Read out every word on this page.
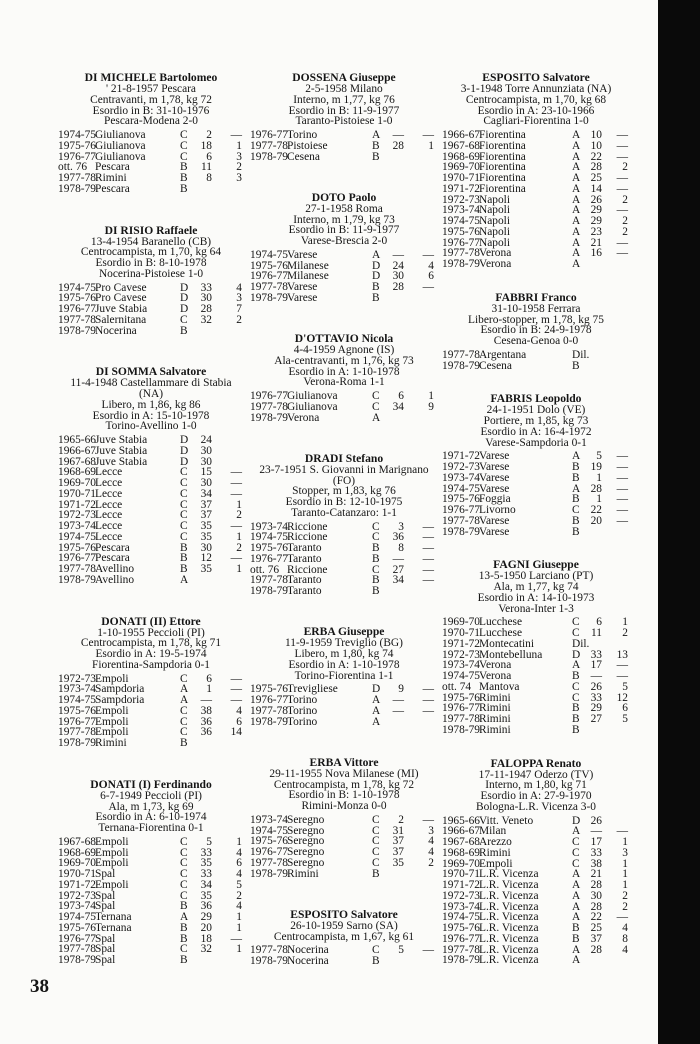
DI MICHELE Bartolomeo
' 21-8-1957 Pescara
Centravanti, m 1,78, kg 72
Esordio in B: 31-10-1976
Pescara-Modena 2-0
1974-75 Giulianova	C	2 —
1975-76 Giulianova	C	18	1
1976-77 Giulianova	C	6	3
ott. 76 Pescara	B	11	2
1977-78 Rimini	B	8	3
1978-79 Pescara	B
DI RISIO Raffaele
13-4-1954 Baranello (CB)
Centrocampista, m 1,70, kg 64
Esordio in B: 8-10-1978
Nocerina-Pistoiese 1-0
1974-75 Pro Cavese	D	33	4
1975-76 Pro Cavese	D	30	3
1976-77 Juve Stabia	D	28	7
1977-78 Salernitana	C	32	2
1978-79 Nocerina	B
DI SOMMA Salvatore
11-4-1948 Castellammare di Stabia (NA)
Libero, m 1,86, kg 86
Esordio in A: 15-10-1978
Torino-Avellino 1-0
1965-66 Juve Stabia	D	24
1966-67 Juve Stabia	D	30
1967-68 Juve Stabia	D	30
1968-69 Lecce	C	15 —
1969-70 Lecce	C	30 —
1970-71 Lecce	C	34 —
1971-72 Lecce	C	37	1
1972-73 Lecce	C	37	2
1973-74 Lecce	C	35 —
1974-75 Lecce	C	35	1
1975-76 Pescara	B	30	2
1976-77 Pescara	B	12 —
1977-78 Avellino	B	35	1
1978-79 Avellino	A
DONATI (II) Ettore
1-10-1955 Peccioli (PI)
Centrocampista, m 1,78, kg 71
Esordio in A: 19-5-1974
Fiorentina-Sampdoria 0-1
1972-73 Empoli	C	6 —
1973-74 Sampdoria	A	1 —
1974-75 Sampdoria	A	— —
1975-76 Empoli	C	38	4
1976-77 Empoli	C	36	6
1977-78 Empoli	C	36 14
1978-79 Rimini	B
DONATI (I) Ferdinando
6-7-1949 Peccioli (PI)
Ala, m 1,73, kg 69
Esordio in A: 6-10-1974
Ternana-Fiorentina 0-1
1967-68 Empoli	C	5	1
1968-69 Empoli	C	33	4
1969-70 Empoli	C	35	6
1970-71 Spal	C	33	4
1971-72 Empoli	C	34	5
1972-73 Spal	C	35	2
1973-74 Spal	B	36	4
1974-75 Ternana	A	29	1
1975-76 Ternana	B	20	1
1976-77 Spal	B	18 —
1977-78 Spal	C	32	1
1978-79 Spal	B
DOSSENA Giuseppe
2-5-1958 Milano
Interno, m 1,77, kg 76
Esordio in B: 11-9-1977
Taranto-Pistoiese 1-0
1976-77 Torino	A	— —
1977-78 Pistoiese	B	28	1
1978-79 Cesena	B
DOTO Paolo
27-1-1958 Roma
Interno, m 1,79, kg 73
Esordio in B: 11-9-1977
Varese-Brescia 2-0
1974-75 Varese	A	— —
1975-76 Milanese	D	24	4
1976-77 Milanese	D	30	6
1977-78 Varese	B	28 —
1978-79 Varese	B
D'OTTAVIO Nicola
4-4-1959 Agnone (IS)
Ala-centravanti, m 1,76, kg 73
Esordio in A: 1-10-1978
Verona-Roma 1-1
1976-77 Giulianova	C	6	1
1977-78 Giulianova	C	34	9
1978-79 Verona	A
DRADI Stefano
23-7-1951 S. Giovanni in Marignano (FO)
Stopper, m 1,83, kg 76
Esordio in B: 12-10-1975
Taranto-Catanzaro: 1-1
1973-74 Riccione	C	3 —
1974-75 Riccione	C	36 —
1975-76 Taranto	B	8 —
1976-77 Taranto	B	— —
ott. 76 Riccione	C	27 —
1977-78 Taranto	B	34 —
1978-79 Taranto	B
ERBA Giuseppe
11-9-1959 Treviglio (BG)
Libero, m 1,80, kg 74
Esordio in A: 1-10-1978
Torino-Fiorentina 1-1
1975-76 Trevigliese	D	9 —
1976-77 Torino	A	— —
1977-78 Torino	A	— —
1978-79 Torino	A
ERBA Vittore
29-11-1955 Nova Milanese (MI)
Centrocampista, m 1,78, kg 72
Esordio in B: 1-10-1978
Rimini-Monza 0-0
1973-74 Seregno	C	2 —
1974-75 Seregno	C	31	3
1975-76 Seregno	C	37	4
1976-77 Seregno	C	37	4
1977-78 Seregno	C	35	2
1978-79 Rimini	B
ESPOSITO Salvatore
26-10-1959 Sarno (SA)
Centrocampista, m 1,67, kg 61
1977-78 Nocerina	C	5 —
1978-79 Nocerina	B
ESPOSITO Salvatore
3-1-1948 Torre Annunziata (NA)
Centrocampista, m 1,70, kg 68
Esordio in A: 23-10-1966
Cagliari-Fiorentina 1-0
1966-67 Fiorentina	A 10 —
1967-68 Fiorentina	A 10 —
1968-69 Fiorentina	A 22 —
1969-70 Fiorentina	A 28	2
1970-71 Fiorentina	A 25 —
1971-72 Fiorentina	A 14 —
1972-73 Napoli	A 26	2
1973-74 Napoli	A 29 —
1974-75 Napoli	A 29	2
1975-76 Napoli	A 23	2
1976-77 Napoli	A 21 —
1977-78 Verona	A 16 —
1978-79 Verona	A
FABBRI Franco
31-10-1958 Ferrara
Libero-stopper, m 1,78, kg 75
Esordio in B: 24-9-1978
Cesena-Genoa 0-0
1977-78 Argentana	Dil.
1978-79 Cesena	B
FABRIS Leopoldo
24-1-1951 Dolo (VE)
Portiere, m 1,85, kg 73
Esordio in A: 16-4-1972
Varese-Sampdoria 0-1
1971-72 Varese	A	5 —
1972-73 Varese	B 19 —
1973-74 Varese	B	1 —
1974-75 Varese	A 28 —
1975-76 Foggia	B	1 —
1976-77 Livorno	C 22 —
1977-78 Varese	B 20 —
1978-79 Varese	B
FAGNI Giuseppe
13-5-1950 Larciano (PT)
Ala, m 1,77, kg 74
Esordio in A: 14-10-1973
Verona-Inter 1-3
1969-70 Lucchese	C	6	1
1970-71 Lucchese	C	11	2
1971-72 Montecatini	Dil.
1972-73 Montebelluna	D 33 13
1973-74 Verona	A 17 —
1974-75 Verona	B — —
ott. 74 Mantova	C 26	5
1975-76 Rimini	C 33 12
1976-77 Rimini	B 29	6
1977-78 Rimini	B 27	5
1978-79 Rimini	B
FALOPPA Renato
17-11-1947 Oderzo (TV)
Interno, m 1,80, kg 71
Esordio in A: 27-9-1970
Bologna-L.R. Vicenza 3-0
1965-66 Vitt. Veneto	D 26
1966-67 Milan	A — —
1967-68 Arezzo	C 17	1
1968-69 Rimini	C 33	3
1969-70 Empoli	C 38	1
1970-71 L.R. Vicenza	A 21	1
1971-72 L.R. Vicenza	A 28	1
1972-73 L.R. Vicenza	A 30	2
1973-74 L.R. Vicenza	A 28	2
1974-75 L.R. Vicenza	A 22 —
1975-76 L.R. Vicenza	B 25	4
1976-77 L.R. Vicenza	B 37	8
1977-78 L.R. Vicenza	A 28	4
1978-79 L.R. Vicenza	A
38
